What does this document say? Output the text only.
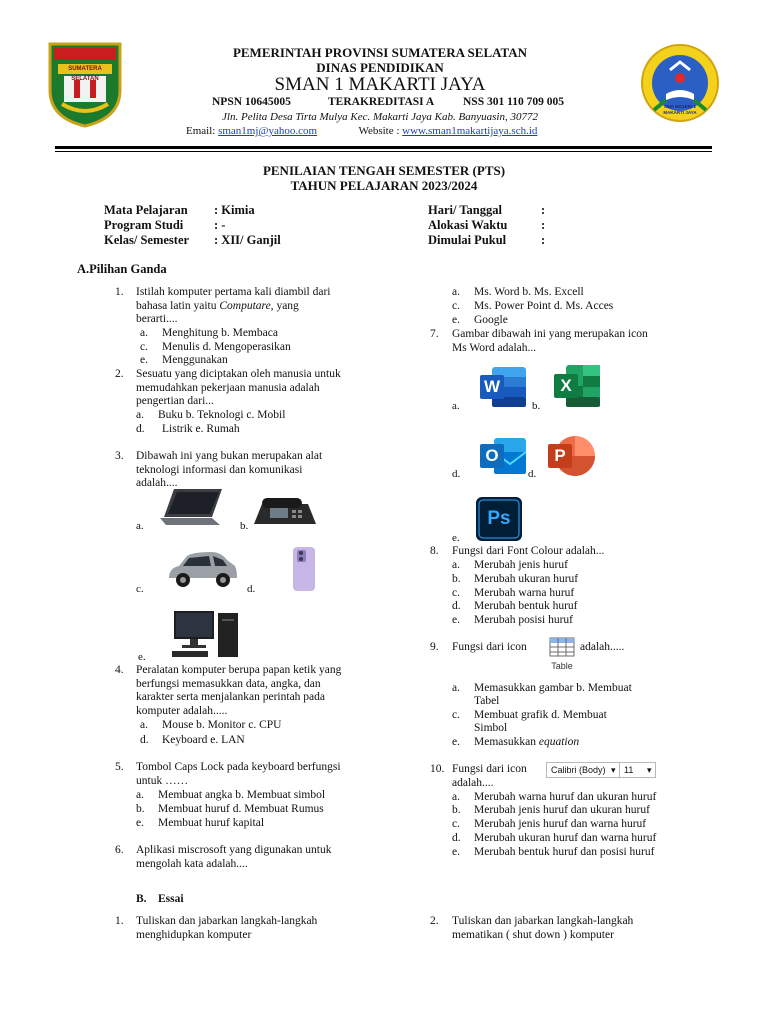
SUMATERA SELATAN
SMA NEGERI 1 MAKARTI JAYA
PEMERINTAH PROVINSI SUMATERA SELATAN
DINAS PENDIDIKAN
SMAN 1 MAKARTI JAYA
NPSN 10645005	TERAKREDITASI A	NSS 301 110 709 005
Jln. Pelita Desa Tirta Mulya Kec. Makarti Jaya Kab. Banyuasin, 30772
Email: sman1mj@yahoo.com	Website : www.sman1makartijaya.sch.id
PENILAIAN TENGAH SEMESTER (PTS)
TAHUN PELAJARAN 2023/2024
Mata Pelajaran : Kimia
Program Studi : -
Kelas/ Semester : XII/ Ganjil
Hari/ Tanggal	:
Alokasi Waktu	:
Dimulai Pukul	:
A.Pilihan Ganda
1. Istilah komputer pertama kali diambil dari
bahasa latin yaitu Computare, yang
berarti....
a. Menghitung b. Membaca
c. Menulis d. Mengoperasikan
e. Menggunakan
2. Sesuatu yang diciptakan oleh manusia untuk
memudahkan pekerjaan manusia adalah
pengertian dari...
a. Buku b. Teknologi c. Mobil
d. Listrik e. Rumah
3. Dibawah ini yang bukan merupakan alat
teknologi informasi dan komunikasi
adalah....
a.	b.
c.	d.
e.
4. Peralatan komputer berupa papan ketik yang
berfungsi memasukkan data, angka, dan
karakter serta menjalankan perintah pada
komputer adalah.....
a. Mouse b. Monitor c. CPU
d. Keyboard e. LAN
5. Tombol Caps Lock pada keyboard berfungsi
untuk ……
a. Membuat angka b. Membuat simbol
b. Membuat huruf d. Membuat Rumus
e. Membuat huruf kapital
6. Aplikasi miscrosoft yang digunakan untuk
mengolah kata adalah....
B. Essai
1. Tuliskan dan jabarkan langkah-langkah
menghidupkan komputer
a. Ms. Word b. Ms. Excell
c. Ms. Power Point d. Ms. Acces
e. Google
7. Gambar dibawah ini yang merupakan icon
Ms Word adalah...
a.
W
b.
X
d.
O
d.
P
e.
Ps
8. Fungsi dari Font Colour adalah...
a. Merubah jenis huruf
b. Merubah ukuran huruf
c. Merubah warna huruf
d. Merubah bentuk huruf
e. Merubah posisi huruf
9. Fungsi dari icon
Table
adalah.....
a. Memasukkan gambar b. Membuat
Tabel
c. Membuat grafik d. Membuat
Simbol
e. Memasukkan equation
10. Fungsi dari icon
adalah....
Calibri (Body) ▾ 11 ▾
a. Merubah warna huruf dan ukuran huruf
b. Merubah jenis huruf dan ukuran huruf
c. Merubah jenis huruf dan warna huruf
d. Merubah ukuran huruf dan warna huruf
e. Merubah bentuk huruf dan posisi huruf
2. Tuliskan dan jabarkan langkah-langkah
mematikan ( shut down ) komputer
